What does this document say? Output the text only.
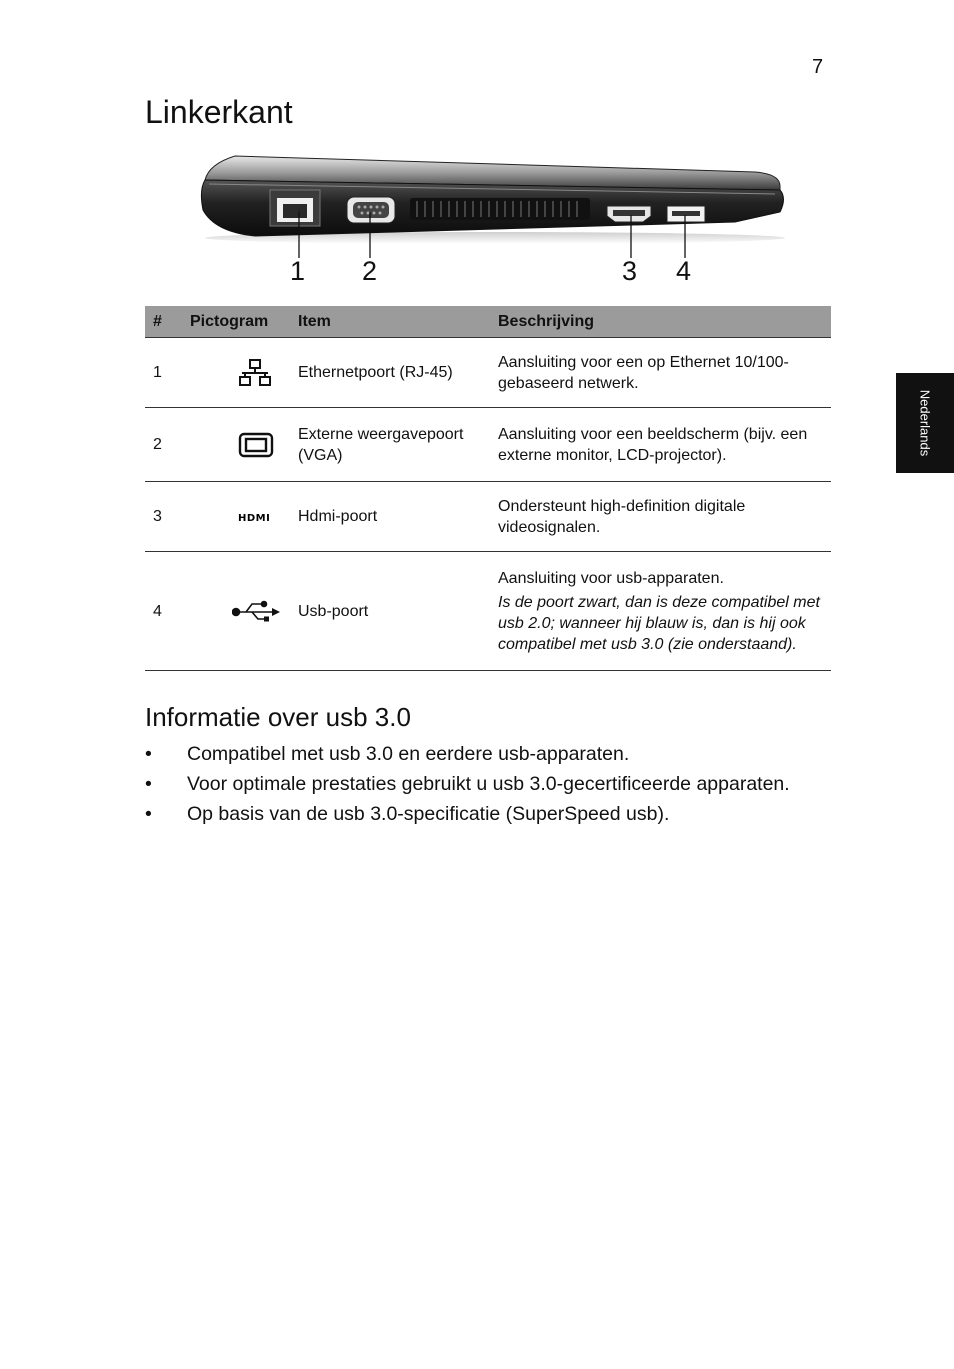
7
Nederlands
Linkerkant
1 2	3 4
#	Pictogram	Item	Beschrijving
1		Ethernetpoort (RJ-45)	Aansluiting voor een op Ethernet 10/100-gebaseerd netwerk.

2		Externe weergavepoort (VGA)	Aansluiting voor een beeldscherm (bijv. een externe monitor, LCD-projector).

3	HDMI	Hdmi-poort	Ondersteunt high-definition digitale videosignalen.

4		Usb-poort	Aansluiting voor usb-apparaten.

Is de poort zwart, dan is deze compatibel met usb 2.0; wanneer hij blauw is, dan is hij ook compatibel met usb 3.0 (zie onderstaand).

Informatie over usb 3.0
• Compatibel met usb 3.0 en eerdere usb-apparaten.
• Voor optimale prestaties gebruikt u usb 3.0-gecertificeerde apparaten.
• Op basis van de usb 3.0-specificatie (SuperSpeed usb).
